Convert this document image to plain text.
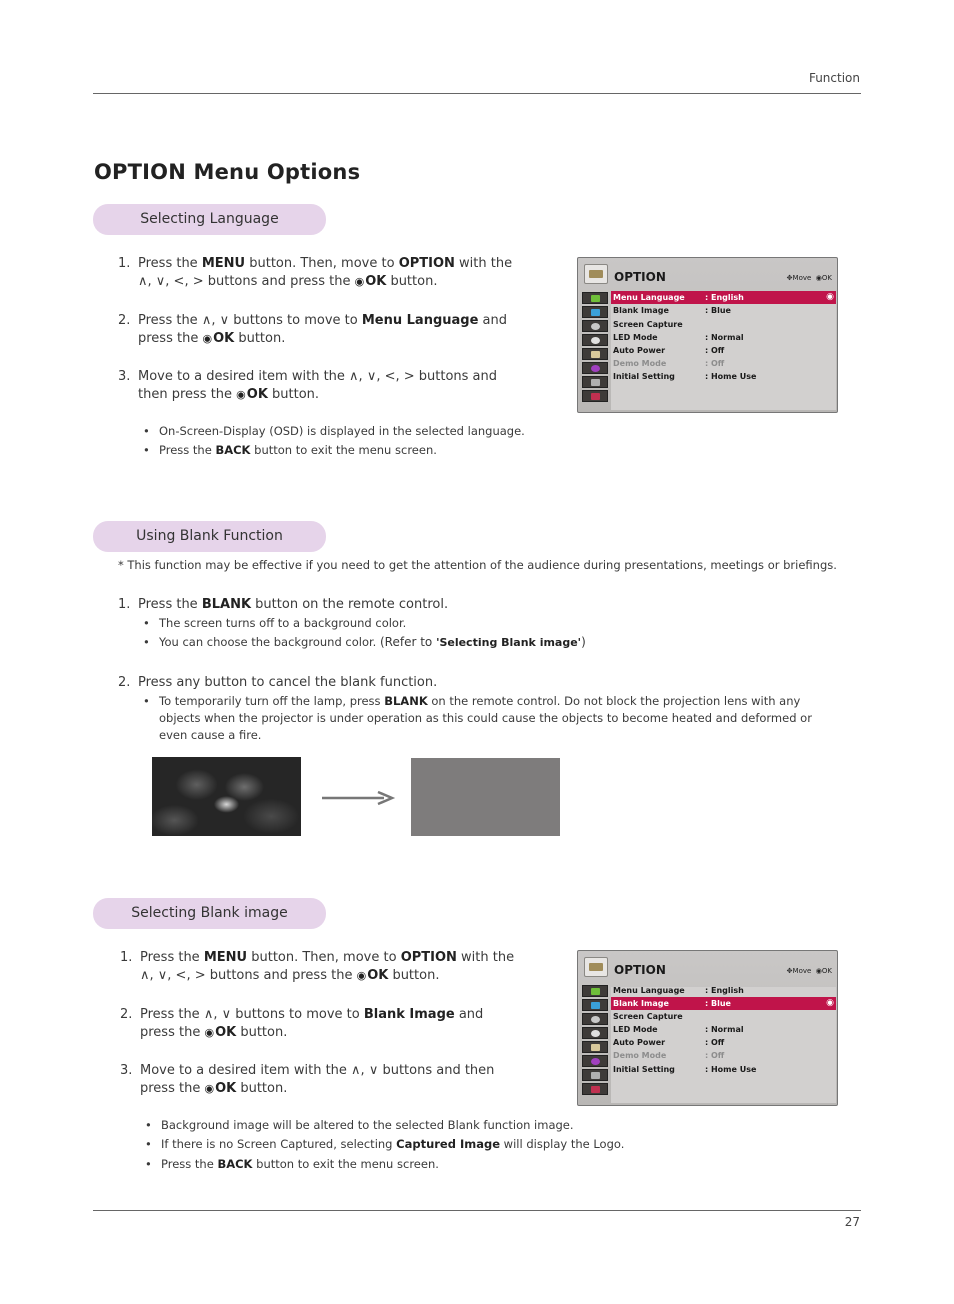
Function
OPTION Menu Options
Selecting Language
1. Press the MENU button. Then, move to OPTION with the
∧, ∨, <, > buttons and press the ◉ OK button.
2. Press the ∧, ∨ buttons to move to Menu Language and
press the ◉ OK button.
3. Move to a desired item with the ∧, ∨, <, > buttons and
then press the ◉ OK button.
• On-Screen-Display (OSD) is displayed in the selected language.
• Press the BACK button to exit the menu screen.
OPTION	✥Move  ◉OK
Menu Language	: English	◉
Blank Image	: Blue
Screen Capture
LED Mode	: Normal
Auto Power	: Off
Demo Mode	: Off
Initial Setting	: Home Use
Using Blank Function
* This function may be effective if you need to get the attention of the audience during presentations, meetings or briefings.
1. Press the BLANK button on the remote control.
• The screen turns off to a background color.
• You can choose the background color. (Refer to 'Selecting Blank image')
2. Press any button to cancel the blank function.
• To temporarily turn off the lamp, press BLANK on the remote control. Do not block the projection lens with any
objects when the projector is under operation as this could cause the objects to become heated and deformed or
even cause a fire.
Selecting Blank image
1. Press the MENU button. Then, move to OPTION with the
∧, ∨, <, > buttons and press the ◉ OK button.
2. Press the ∧, ∨ buttons to move to Blank Image and
press the ◉ OK button.
3. Move to a desired item with the ∧, ∨ buttons and then
press the ◉ OK button.
• Background image will be altered to the selected Blank function image.
• If there is no Screen Captured, selecting Captured Image will display the Logo.
• Press the BACK button to exit the menu screen.
OPTION	✥Move  ◉OK
Menu Language	: English
Blank Image	: Blue	◉
Screen Capture
LED Mode	: Normal
Auto Power	: Off
Demo Mode	: Off
Initial Setting	: Home Use
27
